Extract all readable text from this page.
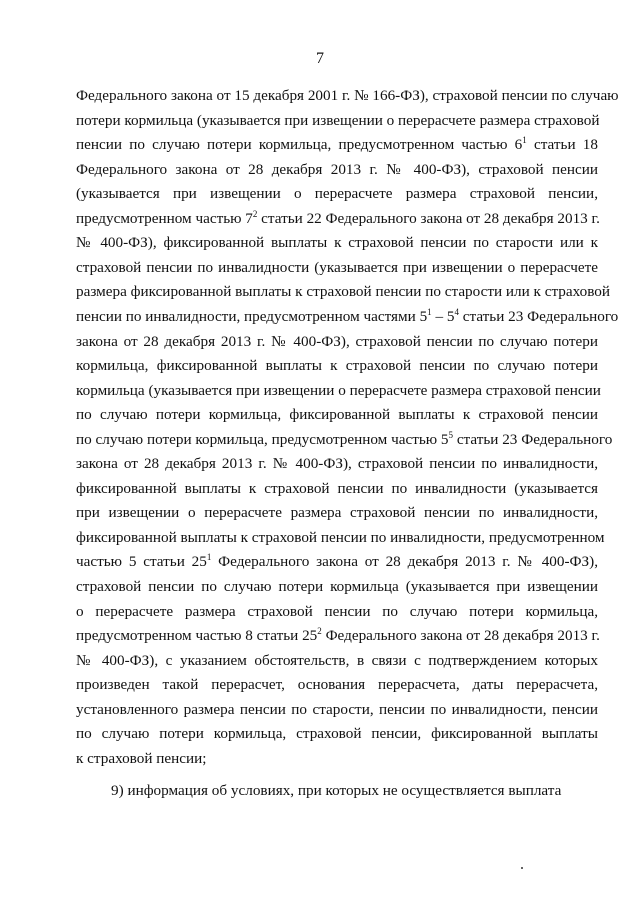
7
Федерального закона от 15 декабря 2001 г. № 166-ФЗ), страховой пенсии по случаю
потери кормильца (указывается при извещении о перерасчете размера страховой
пенсии по случаю потери кормильца, предусмотренном частью $6^1$ статьи 18
Федерального закона от 28 декабря 2013 г. № 400-ФЗ), страховой пенсии
(указывается при извещении о перерасчете размера страховой пенсии,
предусмотренном частью $7^2$ статьи 22 Федерального закона от 28 декабря 2013 г.
№ 400-ФЗ), фиксированной выплаты к страховой пенсии по старости или к
страховой пенсии по инвалидности (указывается при извещении о перерасчете
размера фиксированной выплаты к страховой пенсии по старости или к страховой
пенсии по инвалидности, предусмотренном частями $5^1 - 5^4$ статьи 23 Федерального
закона от 28 декабря 2013 г. № 400-ФЗ), страховой пенсии по случаю потери
кормильца, фиксированной выплаты к страховой пенсии по случаю потери
кормильца (указывается при извещении о перерасчете размера страховой пенсии
по случаю потери кормильца, фиксированной выплаты к страховой пенсии
по случаю потери кормильца, предусмотренном частью $5^5$ статьи 23 Федерального
закона от 28 декабря 2013 г. № 400-ФЗ), страховой пенсии по инвалидности,
фиксированной выплаты к страховой пенсии по инвалидности (указывается
при извещении о перерасчете размера страховой пенсии по инвалидности,
фиксированной выплаты к страховой пенсии по инвалидности, предусмотренном
частью 5 статьи $25^1$ Федерального закона от 28 декабря 2013 г. № 400-ФЗ),
страховой пенсии по случаю потери кормильца (указывается при извещении
о перерасчете размера страховой пенсии по случаю потери кормильца,
предусмотренном частью 8 статьи $25^2$ Федерального закона от 28 декабря 2013 г.
№ 400-ФЗ), с указанием обстоятельств, в связи с подтверждением которых
произведен такой перерасчет, основания перерасчета, даты перерасчета,
установленного размера пенсии по старости, пенсии по инвалидности, пенсии
по случаю потери кормильца, страховой пенсии, фиксированной выплаты
к страховой пенсии;
9) информация об условиях, при которых не осуществляется выплата
